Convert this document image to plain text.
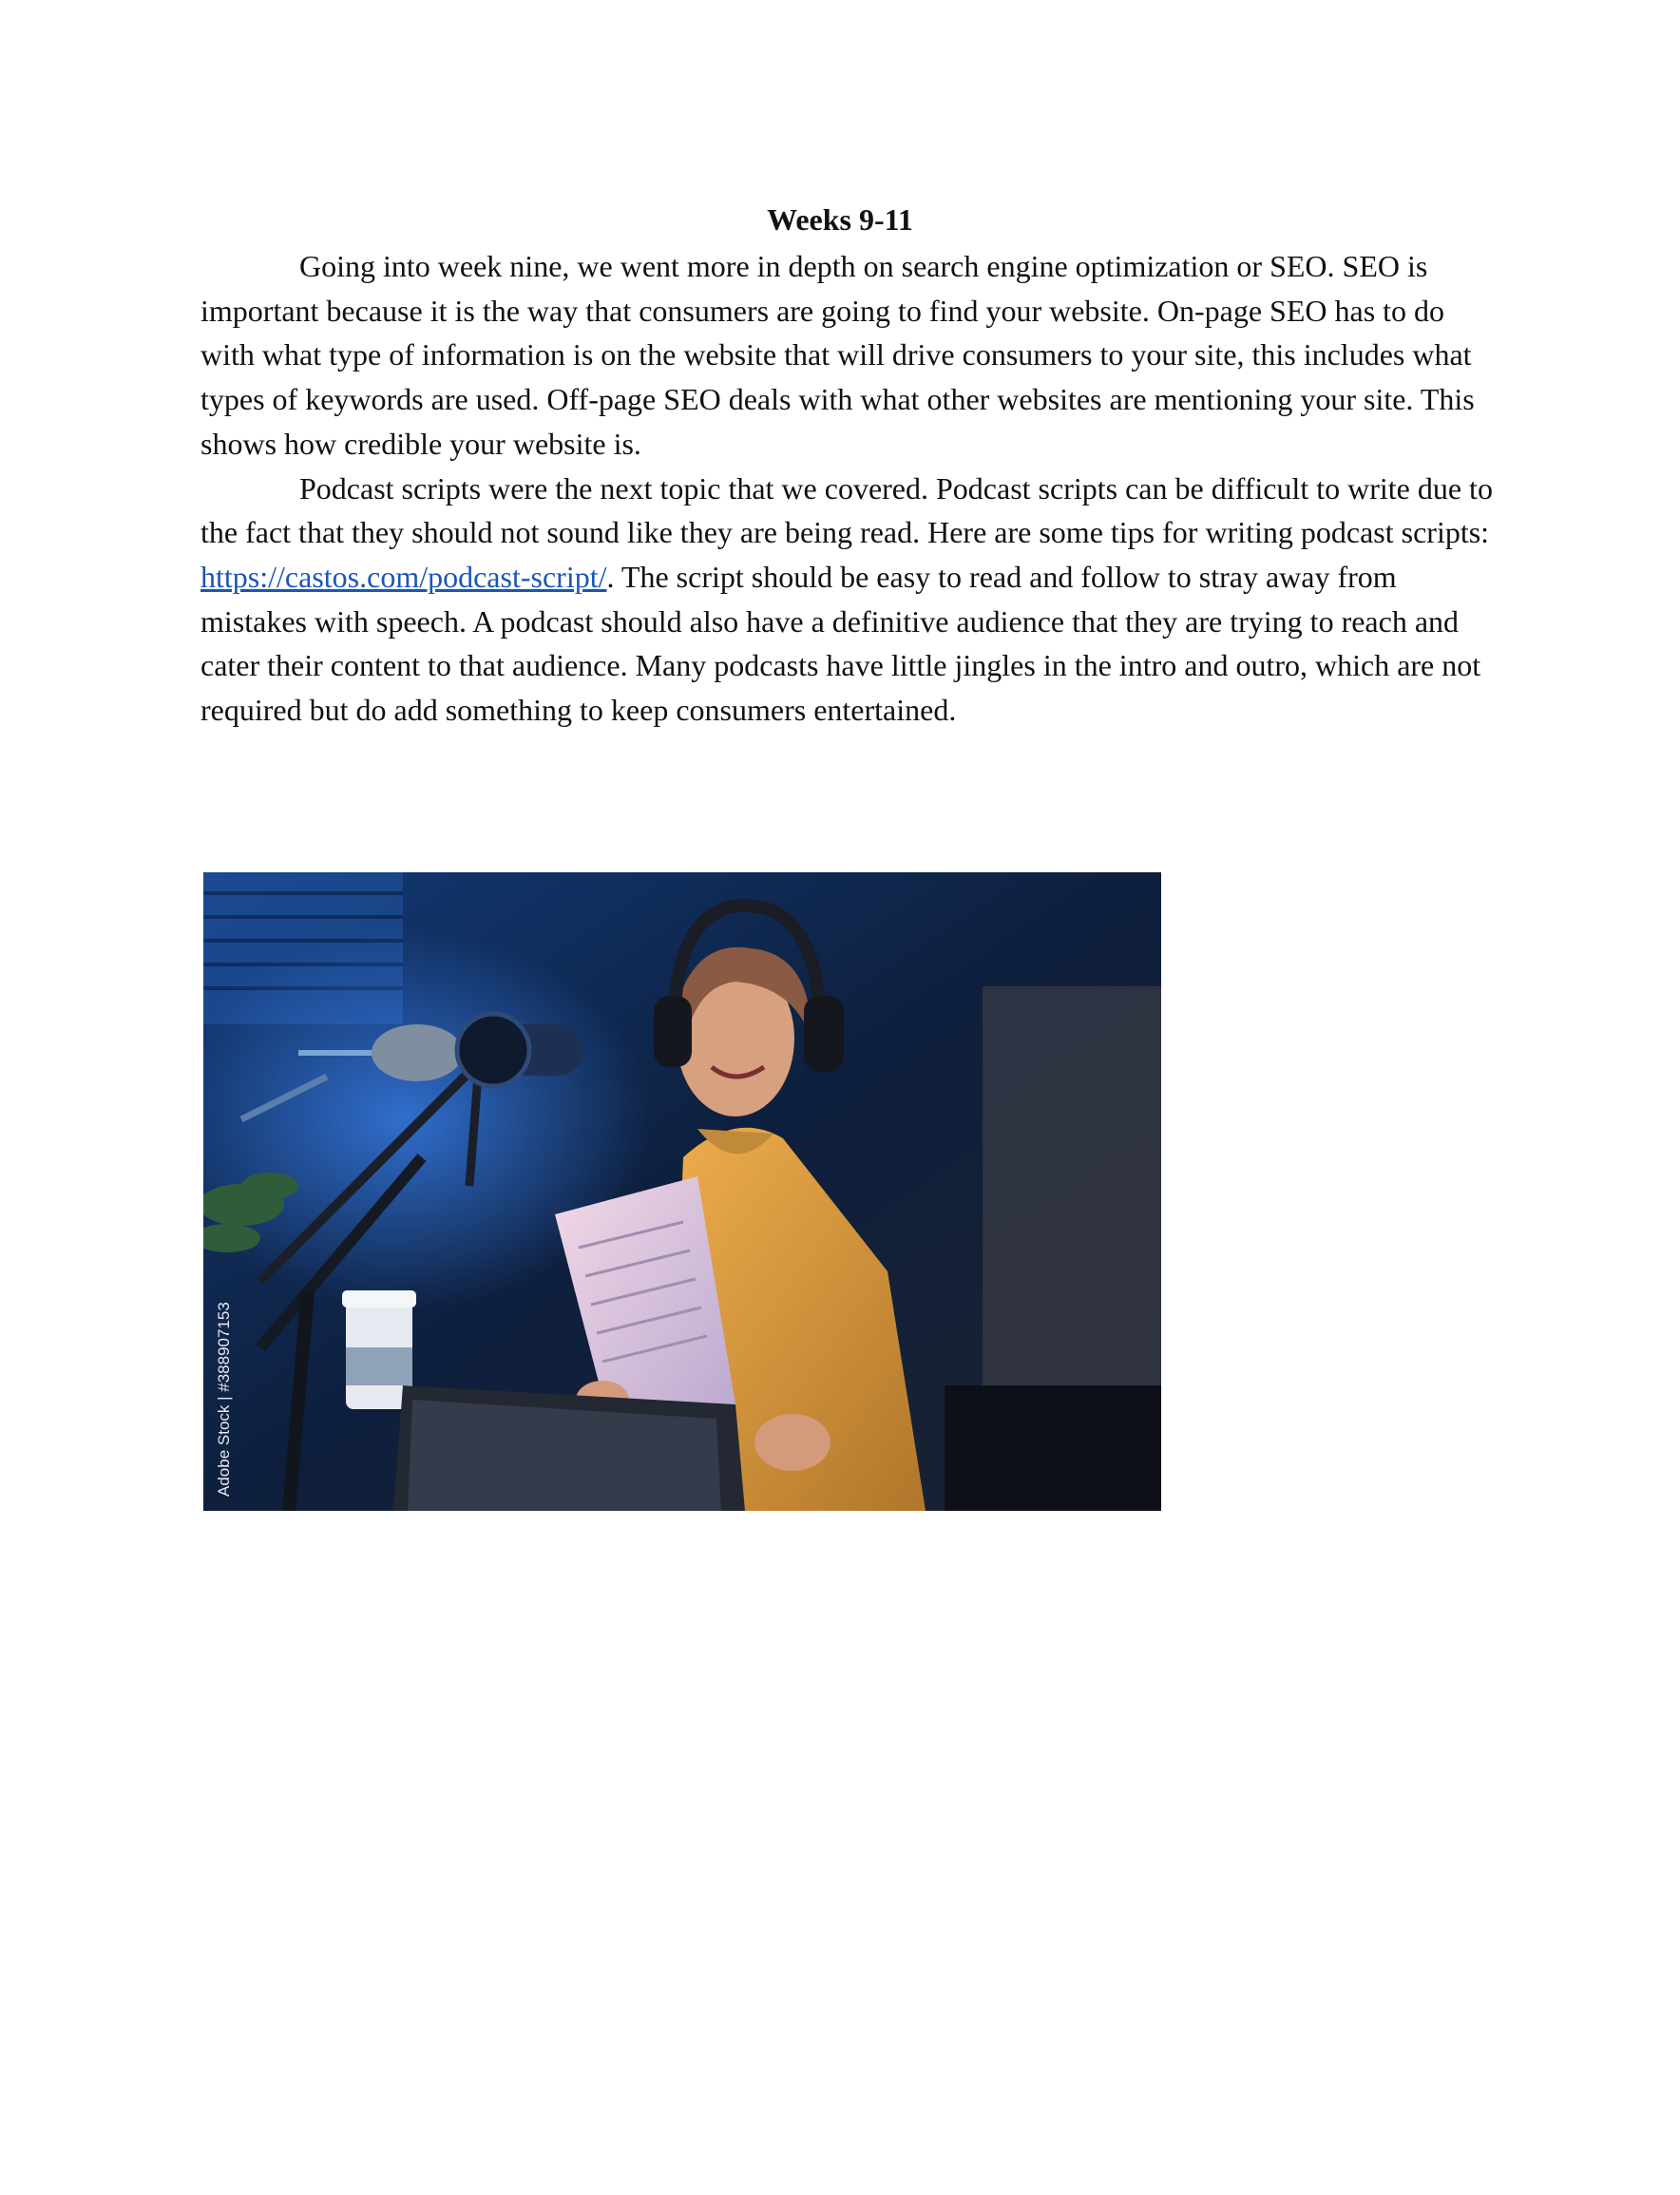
Weeks 9-11

Going into week nine, we went more in depth on search engine optimization or SEO. SEO is important because it is the way that consumers are going to find your website. On-page SEO has to do with what type of information is on the website that will drive consumers to your site, this includes what types of keywords are used. Off-page SEO deals with what other websites are mentioning your site. This shows how credible your website is.

Podcast scripts were the next topic that we covered. Podcast scripts can be difficult to write due to the fact that they should not sound like they are being read. Here are some tips for writing podcast scripts: https://castos.com/podcast-script/. The script should be easy to read and follow to stray away from mistakes with speech. A podcast should also have a definitive audience that they are trying to reach and cater their content to that audience. Many podcasts have little jingles in the intro and outro, which are not required but do add something to keep consumers entertained.

Adobe Stock | #388907153
